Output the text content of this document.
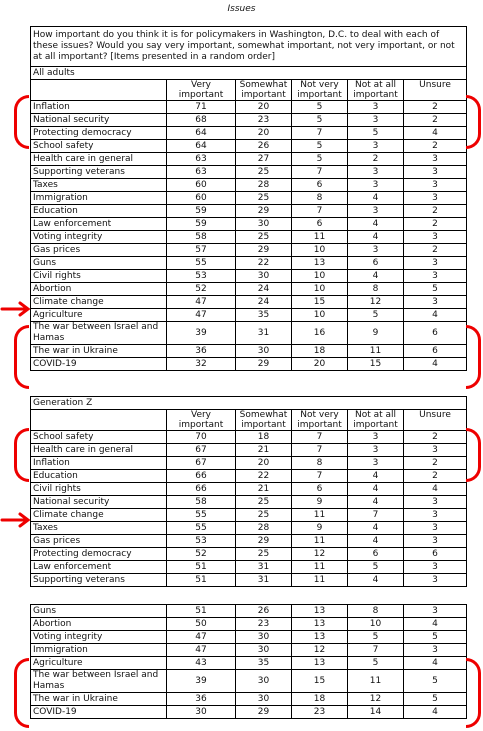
Issues
How important do you think it is for policymakers in Washington, D.C. to deal with each of these issues? Would you say very important, somewhat important, not very important, or not at all important? [Items presented in a random order]					
All adults					
	Very important	Somewhat important	Not very important	Not at all important	Unsure
Inflation	71	20	5	3	2
National security	68	23	5	3	2
Protecting democracy	64	20	7	5	4
School safety	64	26	5	3	2
Health care in general	63	27	5	2	3
Supporting veterans	63	25	7	3	3
Taxes	60	28	6	3	3
Immigration	60	25	8	4	3
Education	59	29	7	3	2
Law enforcement	59	30	6	4	2
Voting integrity	58	25	11	4	3
Gas prices	57	29	10	3	2
Guns	55	22	13	6	3
Civil rights	53	30	10	4	3
Abortion	52	24	10	8	5
Climate change	47	24	15	12	3
Agriculture	47	35	10	5	4
The war between Israel and Hamas	39	31	16	9	6
The war in Ukraine	36	30	18	11	6
COVID-19	32	29	20	15	4
Generation Z					
	Very important	Somewhat important	Not very important	Not at all important	Unsure
School safety	70	18	7	3	2
Health care in general	67	21	7	3	3
Inflation	67	20	8	3	2
Education	66	22	7	4	2
Civil rights	66	21	6	4	4
National security	58	25	9	4	3
Climate change	55	25	11	7	3
Taxes	55	28	9	4	3
Gas prices	53	29	11	4	3
Protecting democracy	52	25	12	6	6
Law enforcement	51	31	11	5	3
Supporting veterans	51	31	11	4	3
Guns	51	26	13	8	3
Abortion	50	23	13	10	4
Voting integrity	47	30	13	5	5
Immigration	47	30	12	7	3
Agriculture	43	35	13	5	4
The war between Israel and Hamas	39	30	15	11	5
The war in Ukraine	36	30	18	12	5
COVID-19	30	29	23	14	4
